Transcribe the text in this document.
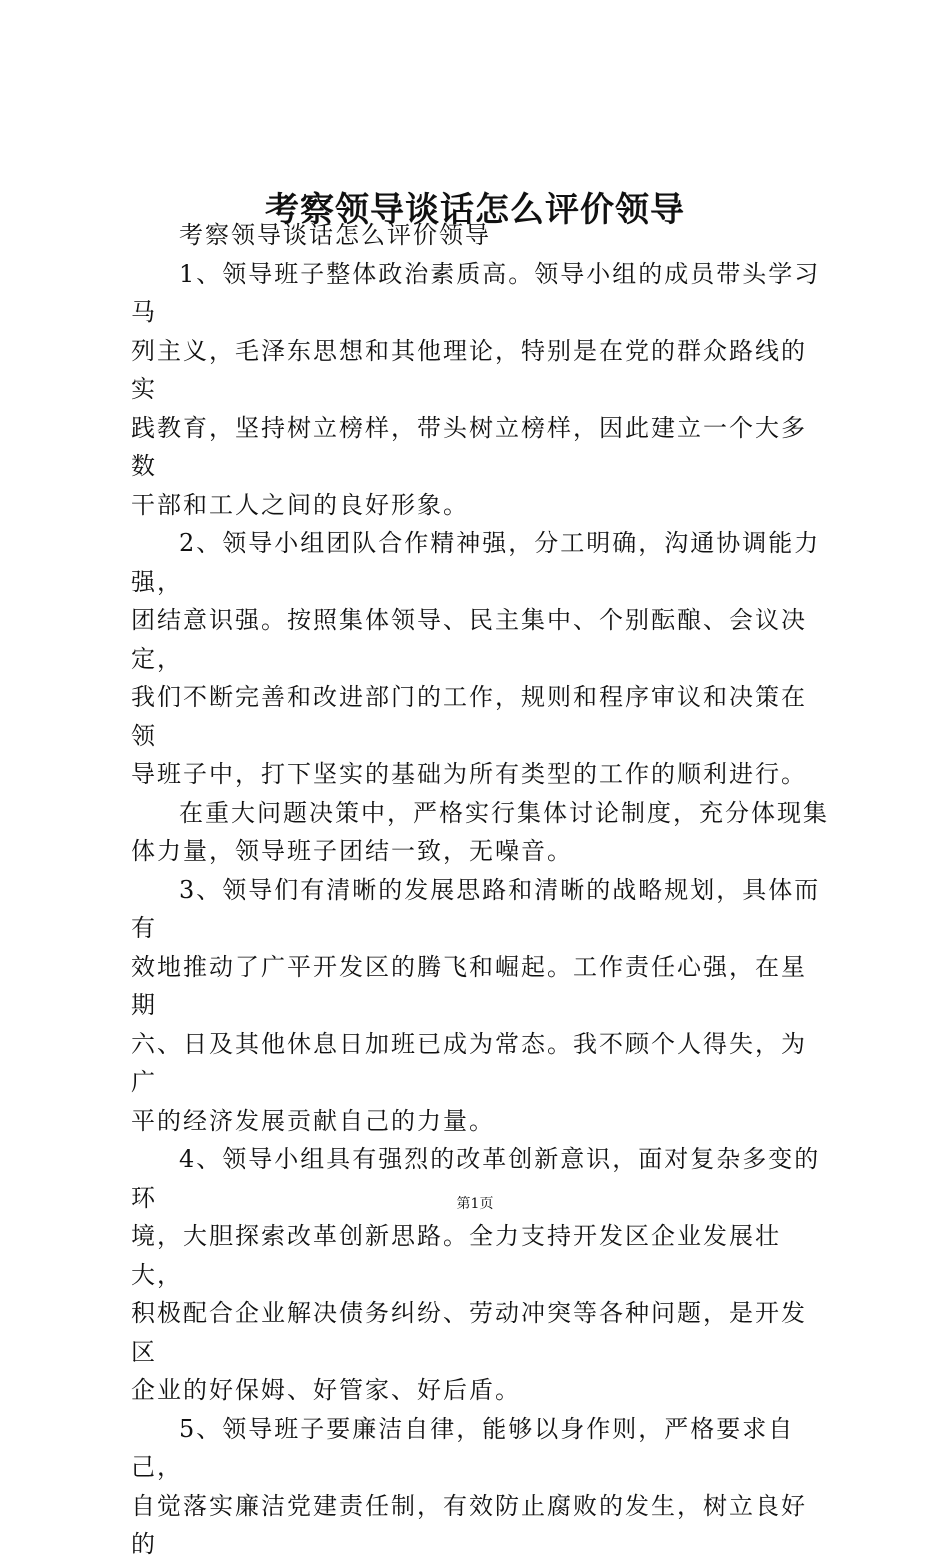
考察领导谈话怎么评价领导

考察领导谈话怎么评价领导

1、领导班子整体政治素质高。领导小组的成员带头学习马
列主义，毛泽东思想和其他理论，特别是在党的群众路线的实
践教育，坚持树立榜样，带头树立榜样，因此建立一个大多数
干部和工人之间的良好形象。

2、领导小组团队合作精神强，分工明确，沟通协调能力强，
团结意识强。按照集体领导、民主集中、个别酝酿、会议决定，
我们不断完善和改进部门的工作，规则和程序审议和决策在领
导班子中，打下坚实的基础为所有类型的工作的顺利进行。

在重大问题决策中，严格实行集体讨论制度，充分体现集
体力量，领导班子团结一致，无噪音。

3、领导们有清晰的发展思路和清晰的战略规划，具体而有
效地推动了广平开发区的腾飞和崛起。工作责任心强，在星期
六、日及其他休息日加班已成为常态。我不顾个人得失，为广
平的经济发展贡献自己的力量。

4、领导小组具有强烈的改革创新意识，面对复杂多变的环
境，大胆探索改革创新思路。全力支持开发区企业发展壮大，
积极配合企业解决债务纠纷、劳动冲突等各种问题，是开发区
企业的好保姆、好管家、好后盾。

5、领导班子要廉洁自律，能够以身作则，严格要求自己，
自觉落实廉洁党建责任制，有效防止腐败的发生，树立良好的

第1页
